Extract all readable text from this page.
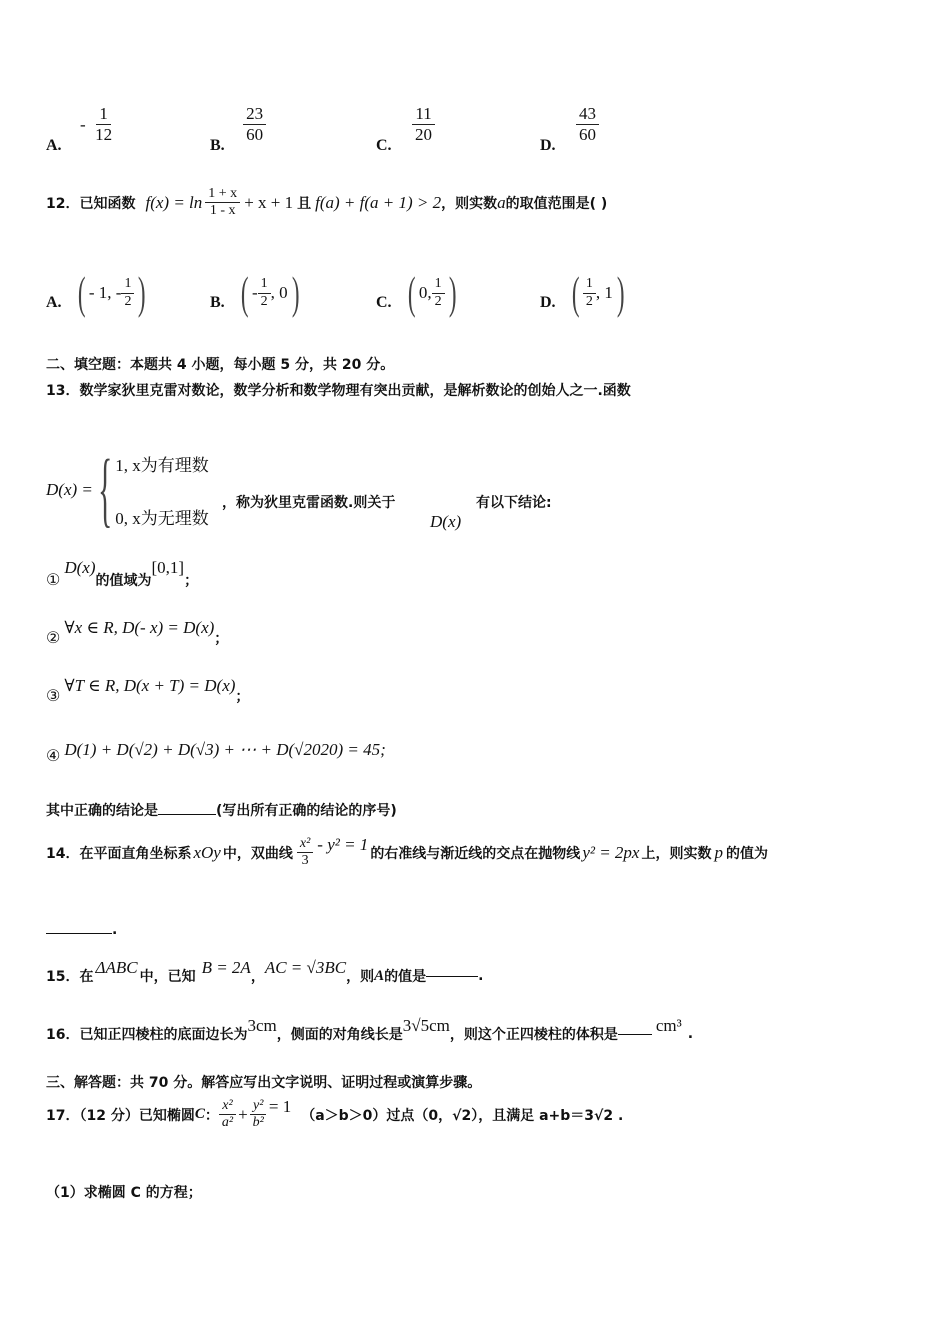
A. - $\frac{1}{12}$
B.
$\frac{23}{60}$
C.
$\frac{11}{20}$
D.
$\frac{43}{60}$
12．已知函数 $f(x) = \ln \frac{1 + x}{1 - x} + x + 1$ 且 f(a) + f(a + 1) > 2 ，则实数 a 的取值范围是( )
A. ( - 1, - $\frac{1}{2}$ )	B. ( - $\frac{1}{2}$ , 0 )	C. ( 0, $\frac{1}{2}$ )	D. ( $\frac{1}{2}$ , 1 )
二、填空题：本题共 4 小题，每小题 5 分，共 20 分。
13．数学家狄里克雷对数论，数学分析和数学物理有突出贡献，是解析数论的创始人之一.函数
D(x) = { 1, x为有理数
0, x为无理数
，称为狄里克雷函数.则关于
D(x)
有以下结论:
①
D(x)
的值域为
[0,1]
；
②
∀x ∈ R, D(- x) = D(x)
；
③
∀T ∈ R, D(x + T) = D(x)
；
④ D(1) + D(√2) + D(√3) + ⋯ + D(√2020) = 45;
其中正确的结论是	(写出所有正确的结论的序号)
14．在平面直角坐标系 xOy 中，双曲线 $\frac{\text{x²}}{3} - y^2 = 1$ 的右准线与渐近线的交点在抛物线 y² = 2px 上，则实数 p 的值为
.
15．在 ΔABC 中，已知 B = 2A ， AC = √3BC ，则 A 的值是	.
16．已知正四棱柱的底面边长为 3cm ，侧面的对角线长是 3√5cm ，则这个正四棱柱的体积是 cm³ .
三、解答题：共 70 分。解答应写出文字说明、证明过程或演算步骤。
17．（12 分）已知椭圆 C ： $\frac{\text{x²}}{\text{a²}} + \frac{\text{y²}}{\text{b²}} = 1$ （a＞b＞0）过点（0，√2），且满足 a+b＝3√2 .
（1）求椭圆 C 的方程；
